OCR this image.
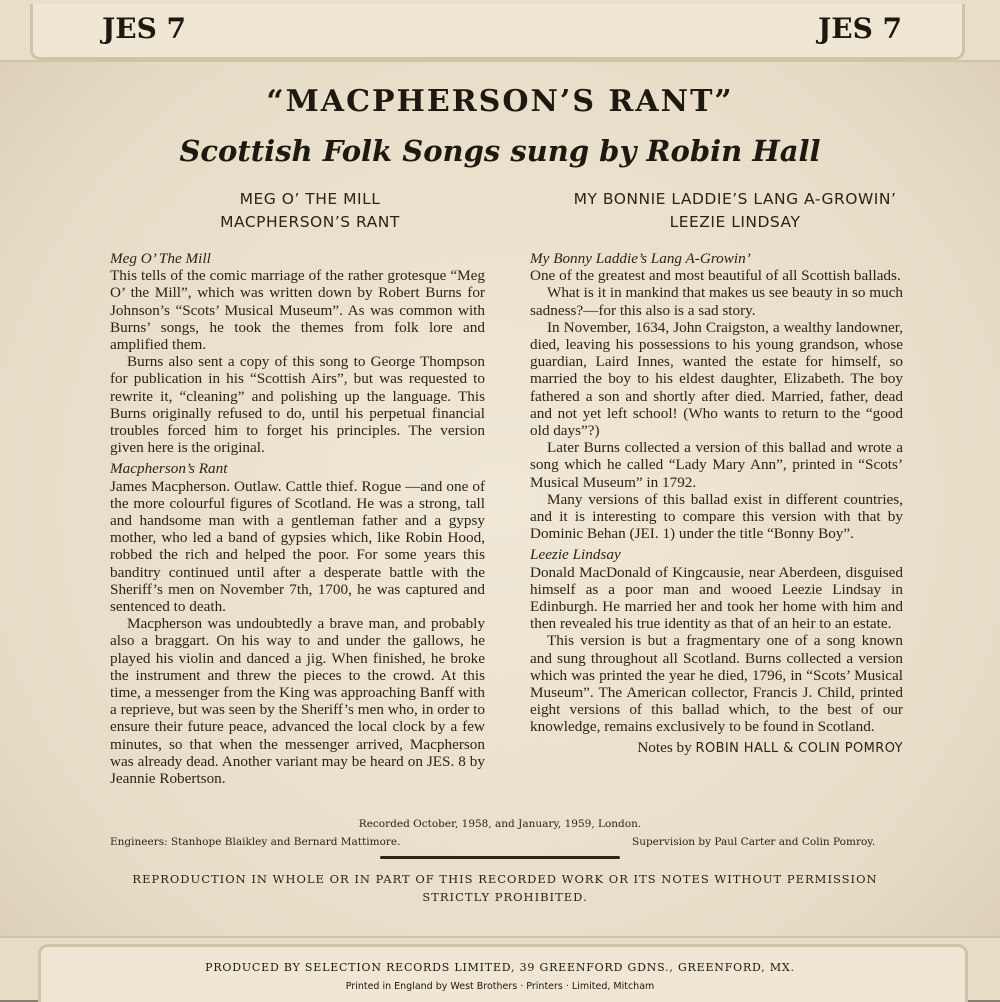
JES 7	JES 7
“MACPHERSON’S RANT”
Scottish Folk Songs sung by Robin Hall
MEG O’ THE MILL
MACPHERSON’S RANT
MY BONNIE LADDIE’S LANG A-GROWIN’
LEEZIE LINDSAY
Meg O’ The Mill

This tells of the comic marriage of the rather grotesque “Meg O’ the Mill”, which was written down by Robert Burns for Johnson’s “Scots’ Musical Museum”. As was common with Burns’ songs, he took the themes from folk lore and amplified them.

Burns also sent a copy of this song to George Thompson for publication in his “Scottish Airs”, but was requested to rewrite it, “cleaning” and polishing up the language. This Burns originally refused to do, until his perpetual financial troubles forced him to forget his principles. The version given here is the original.

Macpherson’s Rant

James Macpherson. Outlaw. Cattle thief. Rogue —and one of the more colourful figures of Scotland. He was a strong, tall and handsome man with a gentleman father and a gypsy mother, who led a band of gypsies which, like Robin Hood, robbed the rich and helped the poor. For some years this banditry continued until after a desperate battle with the Sheriff’s men on November 7th, 1700, he was captured and sentenced to death.

Macpherson was undoubtedly a brave man, and probably also a braggart. On his way to and under the gallows, he played his violin and danced a jig. When finished, he broke the instrument and threw the pieces to the crowd. At this time, a messenger from the King was approaching Banff with a reprieve, but was seen by the Sheriff’s men who, in order to ensure their future peace, advanced the local clock by a few minutes, so that when the messenger arrived, Macpherson was already dead. Another variant may be heard on JES. 8 by Jeannie Robertson.

My Bonny Laddie’s Lang A-Growin’

One of the greatest and most beautiful of all Scottish ballads.

What is it in mankind that makes us see beauty in so much sadness?—for this also is a sad story.

In November, 1634, John Craigston, a wealthy landowner, died, leaving his possessions to his young grandson, whose guardian, Laird Innes, wanted the estate for himself, so married the boy to his eldest daughter, Elizabeth. The boy fathered a son and shortly after died. Married, father, dead and not yet left school! (Who wants to return to the “good old days”?)

Later Burns collected a version of this ballad and wrote a song which he called “Lady Mary Ann”, printed in “Scots’ Musical Museum” in 1792.

Many versions of this ballad exist in different countries, and it is interesting to compare this version with that by Dominic Behan (JEI. 1) under the title “Bonny Boy”.

Leezie Lindsay

Donald MacDonald of Kingcausie, near Aberdeen, disguised himself as a poor man and wooed Leezie Lindsay in Edinburgh. He married her and took her home with him and then revealed his true identity as that of an heir to an estate.

This version is but a fragmentary one of a song known and sung throughout all Scotland. Burns collected a version which was printed the year he died, 1796, in “Scots’ Musical Museum”. The American collector, Francis J. Child, printed eight versions of this ballad which, to the best of our knowledge, remains exclusively to be found in Scotland.

Notes by ROBIN HALL & COLIN POMROY
Recorded October, 1958, and January, 1959, London.
Engineers: Stanhope Blaikley and Bernard Mattimore.	Supervision by Paul Carter and Colin Pomroy.
REPRODUCTION IN WHOLE OR IN PART OF THIS RECORDED WORK OR ITS NOTES WITHOUT PERMISSION
STRICTLY PROHIBITED.
PRODUCED BY SELECTION RECORDS LIMITED, 39 GREENFORD GDNS., GREENFORD, MX.
Printed in England by West Brothers · Printers · Limited, Mitcham
